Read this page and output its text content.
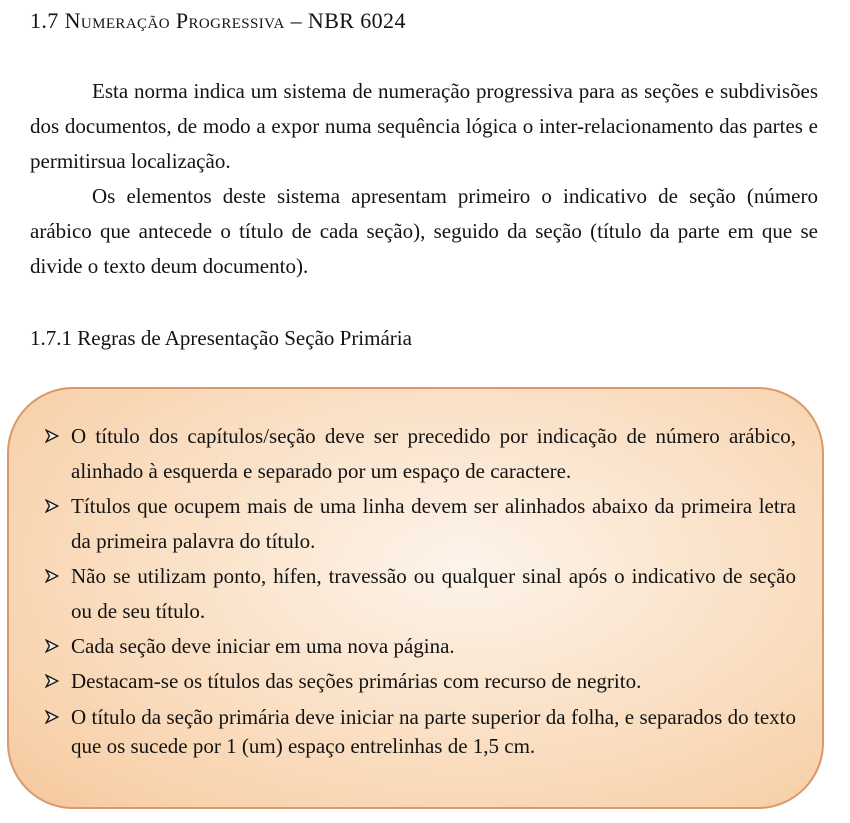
1.7 Numeração Progressiva – NBR 6024

Esta norma indica um sistema de numeração progressiva para as seções e subdivisões dos documentos, de modo a expor numa sequência lógica o inter-relacionamento das partes e permitirsua localização.

Os elementos deste sistema apresentam primeiro o indicativo de seção (número arábico que antecede o título de cada seção), seguido da seção (título da parte em que se divide o texto deum documento).

1.7.1 Regras de Apresentação Seção Primária
O título dos capítulos/seção deve ser precedido por indicação de número arábico, alinhado à esquerda e separado por um espaço de caractere.
Títulos que ocupem mais de uma linha devem ser alinhados abaixo da primeira letra da primeira palavra do título.
Não se utilizam ponto, hífen, travessão ou qualquer sinal após o indicativo de seção ou de seu título.
Cada seção deve iniciar em uma nova página.
Destacam-se os títulos das seções primárias com recurso de negrito.
O título da seção primária deve iniciar na parte superior da folha, e separados do texto que os sucede por 1 (um) espaço entrelinhas de 1,5 cm.
